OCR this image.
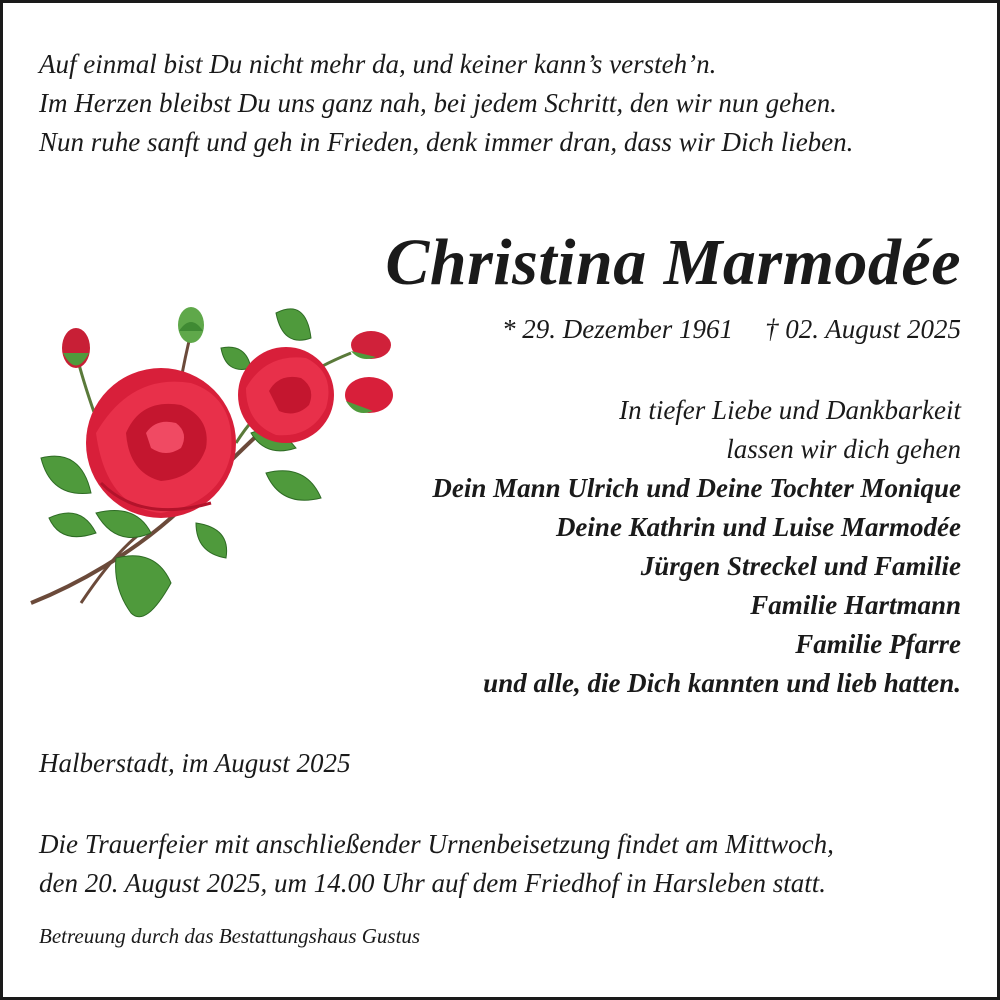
Auf einmal bist Du nicht mehr da, und keiner kann’s versteh’n.
Im Herzen bleibst Du uns ganz nah, bei jedem Schritt, den wir nun gehen.
Nun ruhe sanft und geh in Frieden, denk immer dran, dass wir Dich lieben.
Christina Marmodée
* 29. Dezember 1961 † 02. August 2025
In tiefer Liebe und Dankbarkeit
lassen wir dich gehen
Dein Mann Ulrich und Deine Tochter Monique
Deine Kathrin und Luise Marmodée
Jürgen Streckel und Familie
Familie Hartmann
Familie Pfarre
und alle, die Dich kannten und lieb hatten.
Halberstadt, im August 2025
Die Trauerfeier mit anschließender Urnenbeisetzung findet am Mittwoch,
den 20. August 2025, um 14.00 Uhr auf dem Friedhof in Harsleben statt.
Betreuung durch das Bestattungshaus Gustus
